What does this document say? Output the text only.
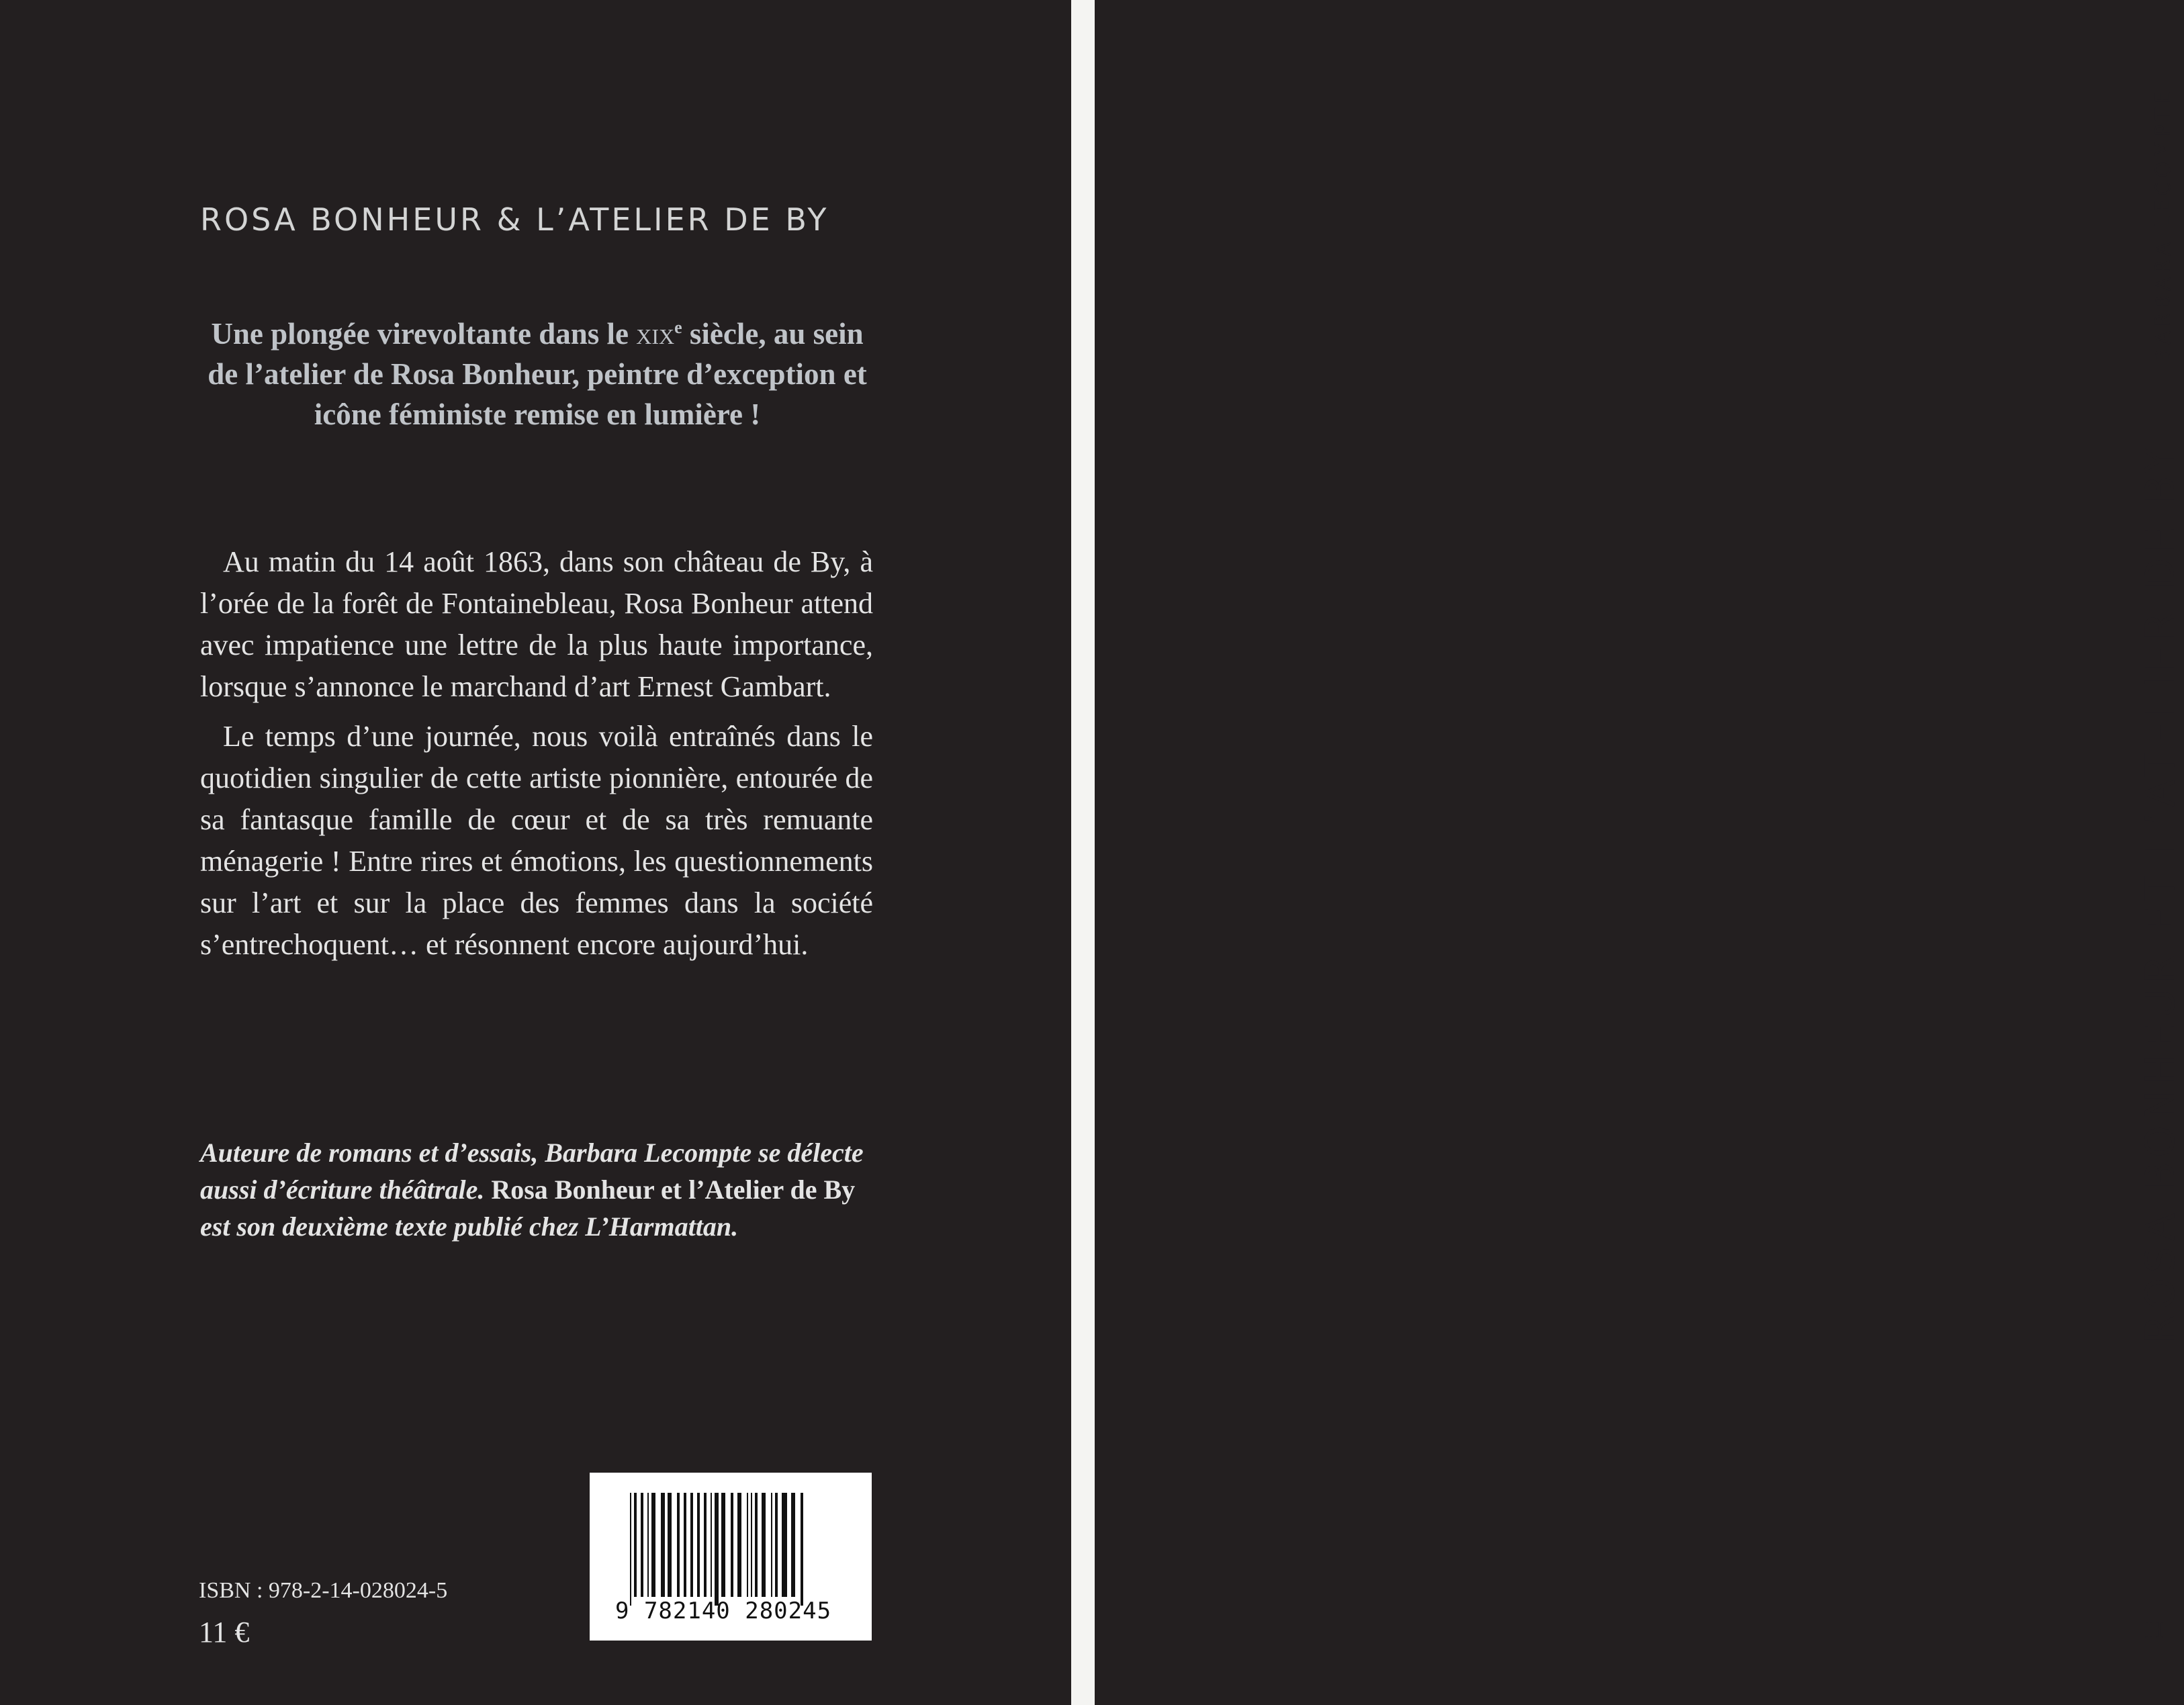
ROSA BONHEUR & L’ATELIER DE BY

Une plongée virevoltante dans le xix$^e$ siècle, au sein de l’atelier de Rosa Bonheur, peintre d’exception et icône féministe remise en lumière !

Au matin du 14 août 1863, dans son château de By, à l’orée de la forêt de Fontainebleau, Rosa Bonheur attend avec impatience une lettre de la plus haute importance, lorsque s’annonce le marchand d’art Ernest Gambart.

Le temps d’une journée, nous voilà entraînés dans le quotidien singulier de cette artiste pionnière, entourée de sa fantasque famille de cœur et de sa très remuante ménagerie ! Entre rires et émotions, les questionnements sur l’art et sur la place des femmes dans la société s’entrechoquent… et résonnent encore aujourd’hui.

Auteure de romans et d’essais, Barbara Lecompte se délecte aussi d’écriture théâtrale. Rosa Bonheur et l’Atelier de By est son deuxième texte publié chez L’Harmattan.

9 782140 280245

ISBN : 978-2-14-028024-5

11 €

BARBARA LECOMPTE
ROSA BONHEUR ET L’ATELIER DE BY
H
